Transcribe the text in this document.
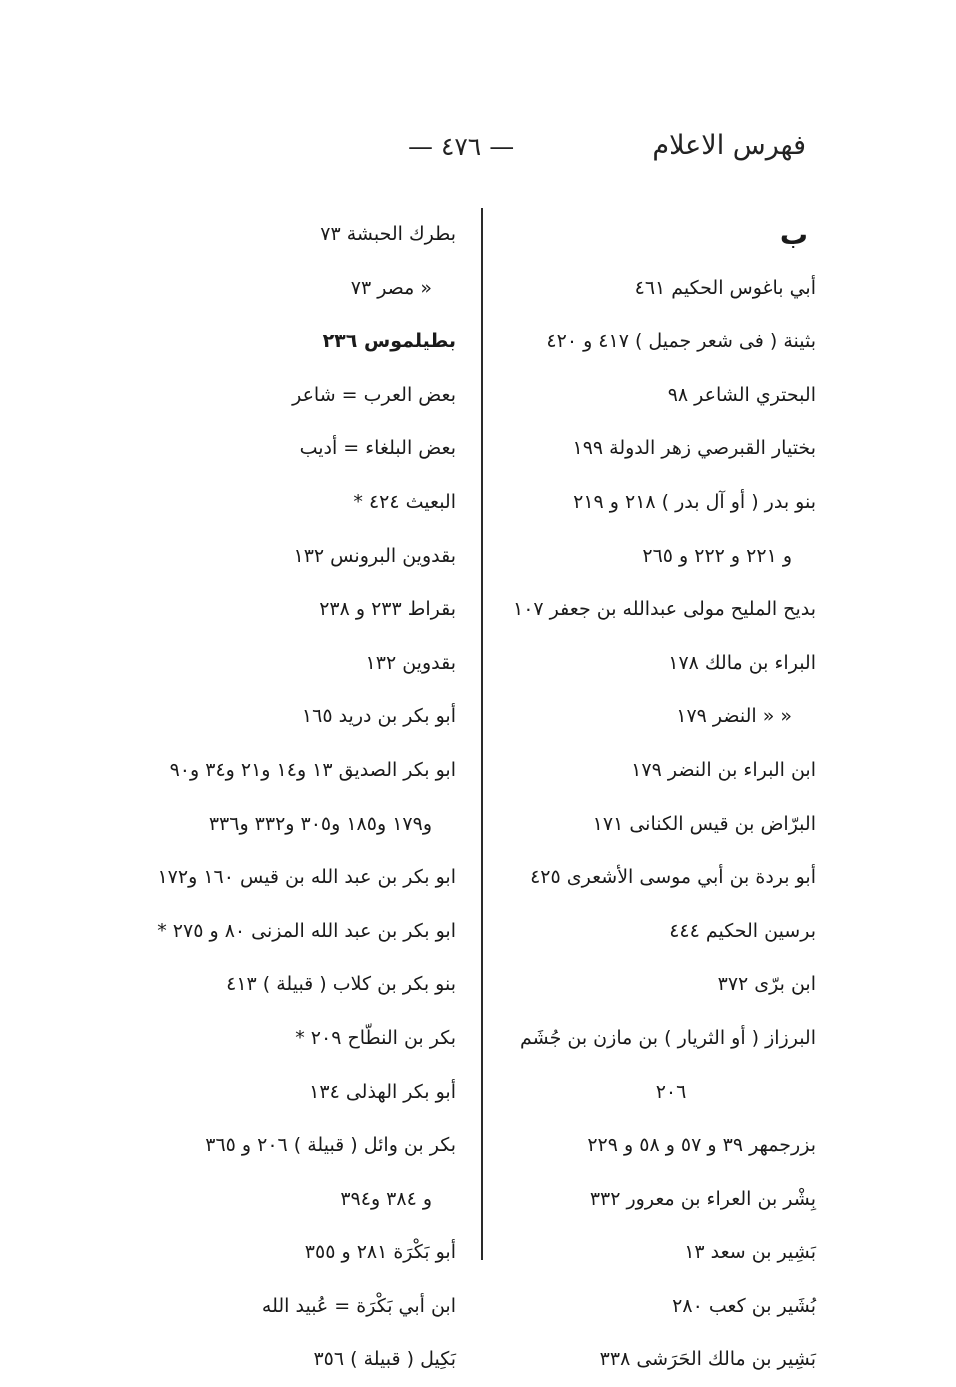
فهرس الاعلام
— ٤٧٦ —
ب
أبي باغوس الحكيم ٤٦١
بثينة ( فى شعر جميل ) ٤١٧ و ٤٢٠
البحتري الشاعر ٩٨
بختيار القبرصي زهر الدولة ١٩٩
بنو بدر ( أو آل بدر ) ٢١٨ و ٢١٩
و ٢٢١ و ٢٢٢ و ٢٦٥
بديح المليح مولى عبدالله بن جعفر ١٠٧
البراء بن مالك ١٧٨
« « النضر ١٧٩
ابن البراء بن النضر ١٧٩
البرّاض بن قيس الكنانى ١٧١
أبو بردة بن أبي موسى الأشعرى ٤٢٥
برسين الحكيم ٤٤٤
ابن برّى ٣٧٢
البرزاز ( أو الثريار ) بن مازن بن جُشَم
٢٠٦
بزرجمهر ٣٩ و ٥٧ و ٥٨ و ٢٢٩
بِشْر بن العراء بن معرور ٣٣٢
بَشِير بن سعد ١٣
بُشَير بن كعب ٢٨٠
بَشِير بن مالك الحَرَشى ٣٣٨
بطرك الحبشة ٧٣
« مصر ٧٣
بطيلموس ٢٣٦
بعض العرب = شاعر
بعض البلغاء = أديب
البعيث ٤٢٤ *
بقدوين البرونس ١٣٢
بقراط ٢٣٣ و ٢٣٨
بقدوين ١٣٢
أبو بكر بن دريد ١٦٥
ابو بكر الصديق ١٣ و١٤ و٢١ و٣٤ و٩٠
و١٧٩ و١٨٥ و٣٠٥ و٣٣٢ و٣٣٦
ابو بكر بن عبد الله بن قيس ١٦٠ و١٧٢
ابو بكر بن عبد الله المزنى ٨٠ و ٢٧٥ *
بنو بكر بن كلاب ( قبيلة ) ٤١٣
بكر بن النطّاح ٢٠٩ *
أبو بكر الهذلى ١٣٤
بكر بن وائل ( قبيلة ) ٢٠٦ و ٣٦٥
و ٣٨٤ و٣٩٤
أبو بَكْرَة ٢٨١ و ٣٥٥
ابن أبي بَكْرَة = عُبيد الله
بَكِيل ( قبيلة ) ٣٥٦
